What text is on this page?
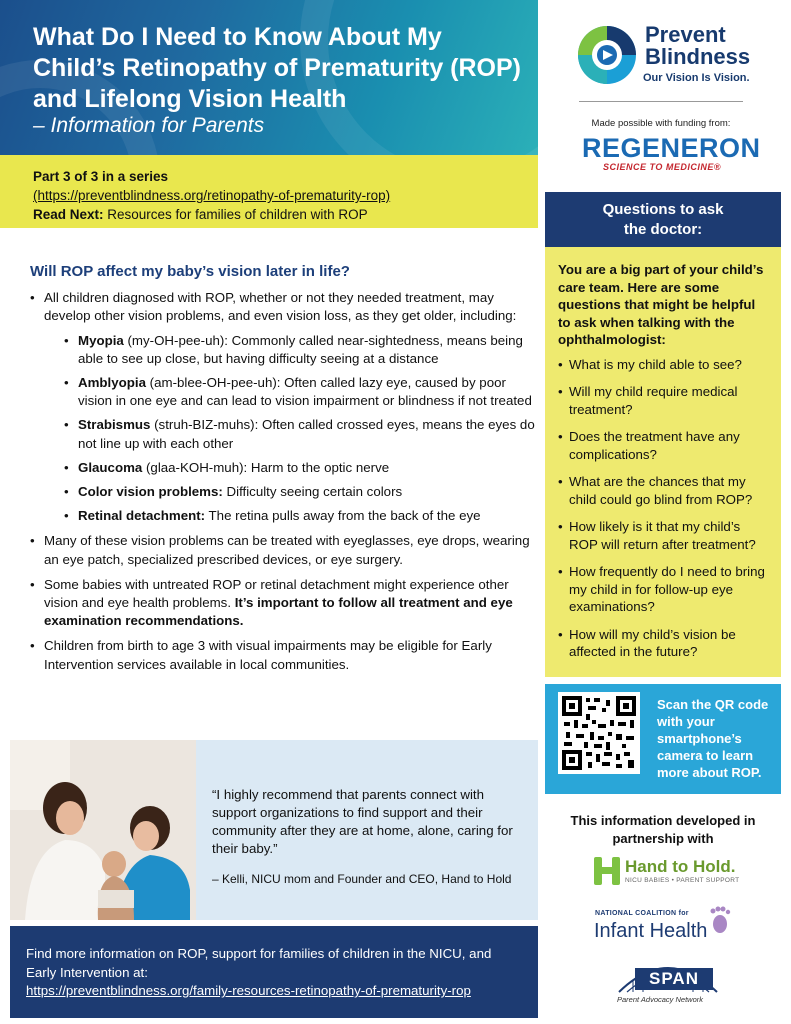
What Do I Need to Know About My Child’s Retinopathy of Prematurity (ROP) and Lifelong Vision Health
– Information for Parents
Part 3 of 3 in a series
(https://preventblindness.org/retinopathy-of-prematurity-rop)
Read Next: Resources for families of children with ROP
Will ROP affect my baby’s vision later in life?
• All children diagnosed with ROP, whether or not they needed treatment, may develop other vision problems, and even vision loss, as they get older, including:
• Myopia (my-OH-pee-uh): Commonly called near-sightedness, means being able to see up close, but having difficulty seeing at a distance
• Amblyopia (am-blee-OH-pee-uh): Often called lazy eye, caused by poor vision in one eye and can lead to vision impairment or blindness if not treated
• Strabismus (struh-BIZ-muhs): Often called crossed eyes, means the eyes do not line up with each other
• Glaucoma (glaa-KOH-muh): Harm to the optic nerve
• Color vision problems: Difficulty seeing certain colors
• Retinal detachment: The retina pulls away from the back of the eye
• Many of these vision problems can be treated with eyeglasses, eye drops, wearing an eye patch, specialized prescribed devices, or eye surgery.
• Some babies with untreated ROP or retinal detachment might experience other vision and eye health problems. It’s important to follow all treatment and eye examination recommendations.
• Children from birth to age 3 with visual impairments may be eligible for Early Intervention services available in local communities.
“I highly recommend that parents connect with support organizations to find support and their community after they are at home, alone, caring for their baby.”
– Kelli, NICU mom and Founder and CEO, Hand to Hold
Find more information on ROP, support for families of children in the NICU, and Early Intervention at:
https://preventblindness.org/family-resources-retinopathy-of-prematurity-rop
Prevent
Blindness
Our Vision Is Vision.
Made possible with funding from:
REGENERON
SCIENCE TO MEDICINE®
Questions to ask
the doctor:
You are a big part of your child’s care team. Here are some questions that might be helpful to ask when talking with the ophthalmologist:
• What is my child able to see?
• Will my child require medical treatment?
• Does the treatment have any complications?
• What are the chances that my child could go blind from ROP?
• How likely is it that my child’s ROP will return after treatment?
• How frequently do I need to bring my child in for follow-up eye examinations?
• How will my child’s vision be affected in the future?
Scan the QR code with your smartphone’s camera to learn more about ROP.
This information developed in partnership with
Hand to Hold.
NICU BABIES • PARENT SUPPORT
NATIONAL COALITION for
Infant Health
SPAN
Parent Advocacy Network
